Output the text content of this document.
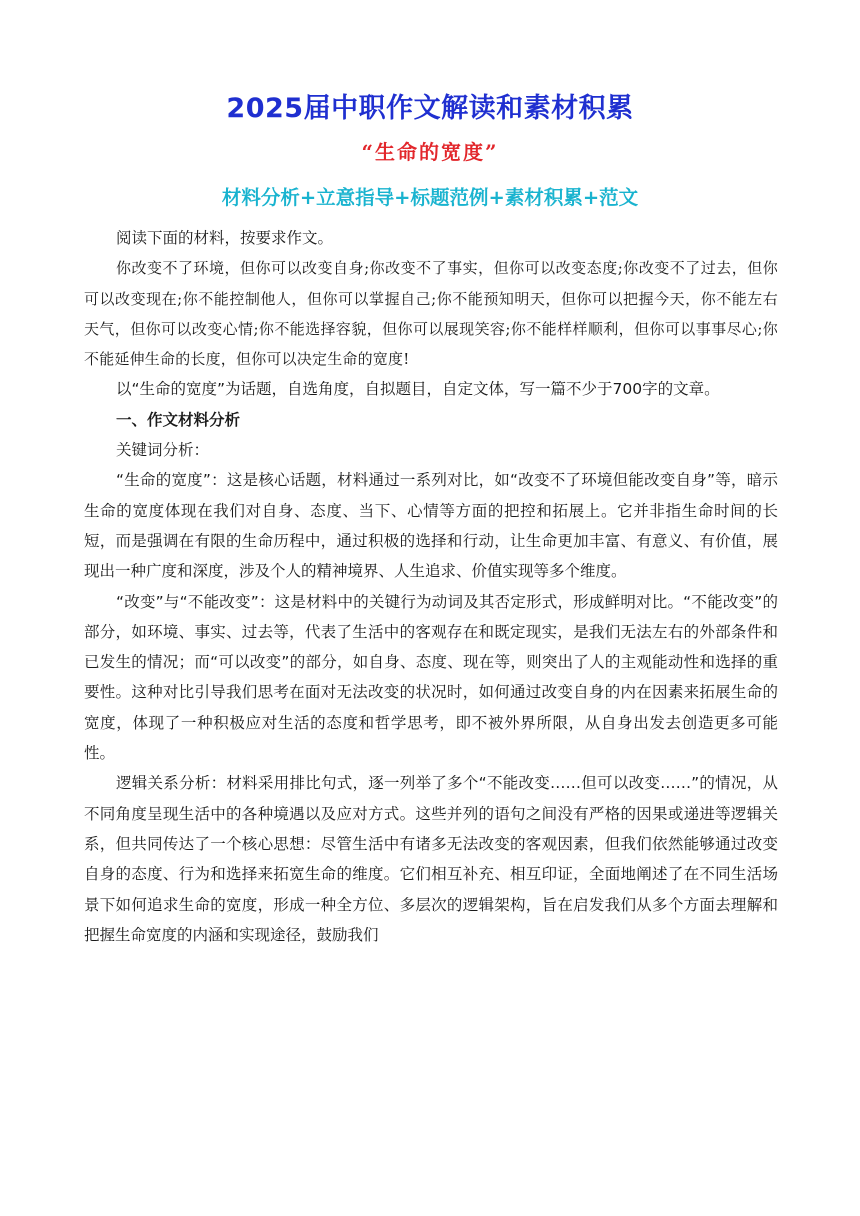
2025届中职作文解读和素材积累
“生命的宽度”
材料分析+立意指导+标题范例+素材积累+范文

阅读下面的材料，按要求作文。

你改变不了环境，但你可以改变自身;你改变不了事实，但你可以改变态度;你改变不了过去，但你可以改变现在;你不能控制他人，但你可以掌握自己;你不能预知明天，但你可以把握今天，你不能左右天气，但你可以改变心情;你不能选择容貌，但你可以展现笑容;你不能样样顺利，但你可以事事尽心;你不能延伸生命的长度，但你可以决定生命的宽度!

以“生命的宽度”为话题，自选角度，自拟题目，自定文体，写一篇不少于700字的文章。

一、作文材料分析

关键词分析：

“生命的宽度”：这是核心话题，材料通过一系列对比，如“改变不了环境但能改变自身”等，暗示生命的宽度体现在我们对自身、态度、当下、心情等方面的把控和拓展上。它并非指生命时间的长短，而是强调在有限的生命历程中，通过积极的选择和行动，让生命更加丰富、有意义、有价值，展现出一种广度和深度，涉及个人的精神境界、人生追求、价值实现等多个维度。

“改变”与“不能改变”：这是材料中的关键行为动词及其否定形式，形成鲜明对比。“不能改变”的部分，如环境、事实、过去等，代表了生活中的客观存在和既定现实，是我们无法左右的外部条件和已发生的情况；而“可以改变”的部分，如自身、态度、现在等，则突出了人的主观能动性和选择的重要性。这种对比引导我们思考在面对无法改变的状况时，如何通过改变自身的内在因素来拓展生命的宽度，体现了一种积极应对生活的态度和哲学思考，即不被外界所限，从自身出发去创造更多可能性。

逻辑关系分析：材料采用排比句式，逐一列举了多个“不能改变……但可以改变……”的情况，从不同角度呈现生活中的各种境遇以及应对方式。这些并列的语句之间没有严格的因果或递进等逻辑关系，但共同传达了一个核心思想：尽管生活中有诸多无法改变的客观因素，但我们依然能够通过改变自身的态度、行为和选择来拓宽生命的维度。它们相互补充、相互印证，全面地阐述了在不同生活场景下如何追求生命的宽度，形成一种全方位、多层次的逻辑架构，旨在启发我们从多个方面去理解和把握生命宽度的内涵和实现途径，鼓励我们
